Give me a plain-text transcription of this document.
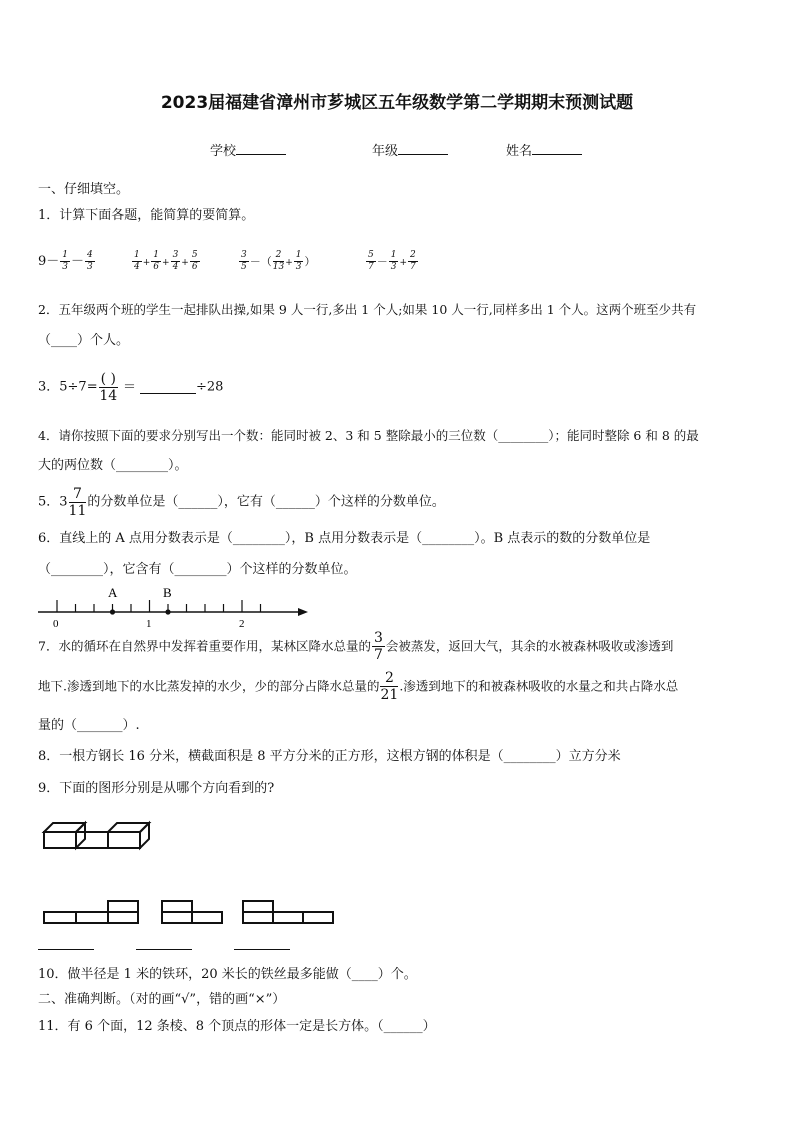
2023届福建省漳州市芗城区五年级数学第二学期期末预测试题
学校	年级	姓名
一、仔细填空。
1．计算下面各题，能简算的要简算。
$9- \frac{1}{3} - \frac{4}{3}$	$\frac{1}{4} + \frac{1}{6} + \frac{3}{4} + \frac{5}{6}$	$\frac{3}{5}$ －（ $\frac{2}{13} + \frac{1}{3}$ ）	$\frac{5}{7} - \frac{1}{3} + \frac{2}{7}$
2．五年级两个班的学生一起排队出操,如果 9 人一行,多出 1 个人;如果 10 人一行,同样多出 1 个人。这两个班至少共有
（____）个人。
3．$5\div 7= \frac{( )}{14}$ ＝	÷28
4．请你按照下面的要求分别写出一个数：能同时被 2、3 和 5 整除最小的三位数（________）；能同时整除 6 和 8 的最
大的两位数（________）。
5．$3 \frac{7}{11}$ 的分数单位是（______），它有（______）个这样的分数单位。
6．直线上的 A 点用分数表示是（________），B 点用分数表示是（________）。B 点表示的数的分数单位是
（________），它含有（________）个这样的分数单位。
A	B
0	1	2
7．水的循环在自然界中发挥着重要作用，某林区降水总量的 $\frac{3}{7}$ 会被蒸发，返回大气，其余的水被森林吸收或渗透到
地下.渗透到地下的水比蒸发掉的水少，少的部分占降水总量的 $\frac{2}{21}$ .渗透到地下的和被森林吸收的水量之和共占降水总
量的（_______）.
8．一根方钢长 16 分米，横截面积是 8 平方分米的正方形，这根方钢的体积是（________）立方分米
9．下面的图形分别是从哪个方向看到的?
10．做半径是 1 米的铁环，20 米长的铁丝最多能做（____）个。
二、准确判断。（对的画“√”，错的画“×”）
11．有 6 个面，12 条棱、8 个顶点的形体一定是长方体。（______）
